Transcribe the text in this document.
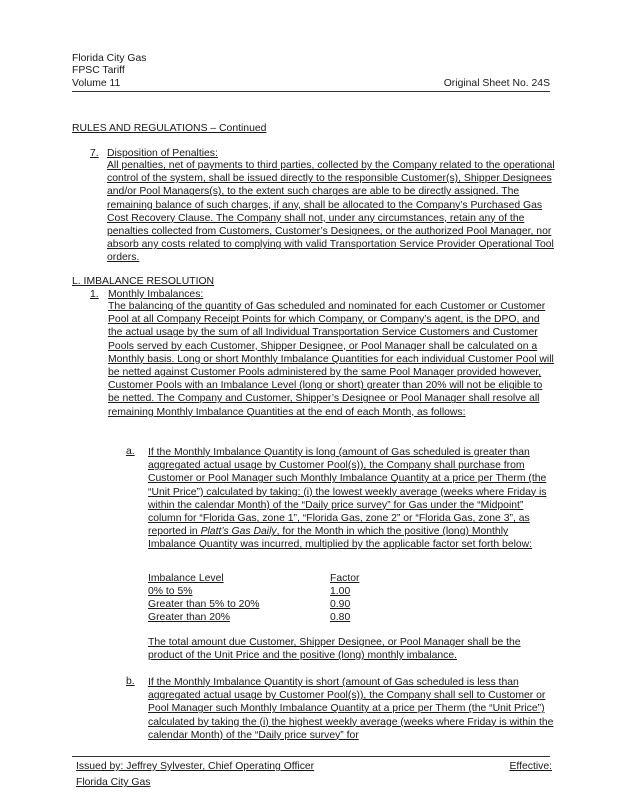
Florida City Gas
FPSC Tariff
Volume 11	Original Sheet No. 24S
RULES AND REGULATIONS – Continued
7. Disposition of Penalties:
All penalties, net of payments to third parties, collected by the Company related to the operational control of the system, shall be issued directly to the responsible Customer(s), Shipper Designees and/or Pool Managers(s), to the extent such charges are able to be directly assigned. The remaining balance of such charges, if any, shall be allocated to the Company’s Purchased Gas Cost Recovery Clause. The Company shall not, under any circumstances, retain any of the penalties collected from Customers, Customer’s Designees, or the authorized Pool Manager, nor absorb any costs related to complying with valid Transportation Service Provider Operational Tool orders.
L. IMBALANCE RESOLUTION
1. Monthly Imbalances:
The balancing of the quantity of Gas scheduled and nominated for each Customer or Customer Pool at all Company Receipt Points for which Company, or Company’s agent, is the DPO, and the actual usage by the sum of all Individual Transportation Service Customers and Customer Pools served by each Customer, Shipper Designee, or Pool Manager shall be calculated on a Monthly basis. Long or short Monthly Imbalance Quantities for each individual Customer Pool will be netted against Customer Pools administered by the same Pool Manager provided however, Customer Pools with an Imbalance Level (long or short) greater than 20% will not be eligible to be netted. The Company and Customer, Shipper’s Designee or Pool Manager shall resolve all remaining Monthly Imbalance Quantities at the end of each Month, as follows:
a. If the Monthly Imbalance Quantity is long (amount of Gas scheduled is greater than aggregated actual usage by Customer Pool(s)), the Company shall purchase from Customer or Pool Manager such Monthly Imbalance Quantity at a price per Therm (the “Unit Price”) calculated by taking: (i) the lowest weekly average (weeks where Friday is within the calendar Month) of the “Daily price survey” for Gas under the “Midpoint” column for “Florida Gas, zone 1”, “Florida Gas, zone 2” or “Florida Gas, zone 3”, as reported in Platt’s Gas Daily, for the Month in which the positive (long) Monthly Imbalance Quantity was incurred, multiplied by the applicable factor set forth below:
Imbalance Level	Factor
0% to 5%	1.00
Greater than 5% to 20%	0.90
Greater than 20%	0.80
The total amount due Customer, Shipper Designee, or Pool Manager shall be the product of the Unit Price and the positive (long) monthly imbalance.
b. If the Monthly Imbalance Quantity is short (amount of Gas scheduled is less than aggregated actual usage by Customer Pool(s)), the Company shall sell to Customer or Pool Manager such Monthly Imbalance Quantity at a price per Therm (the “Unit Price”) calculated by taking the (i) the highest weekly average (weeks where Friday is within the calendar Month) of the “Daily price survey” for
Issued by: Jeffrey Sylvester, Chief Operating Officer	Effective:
Florida City Gas
